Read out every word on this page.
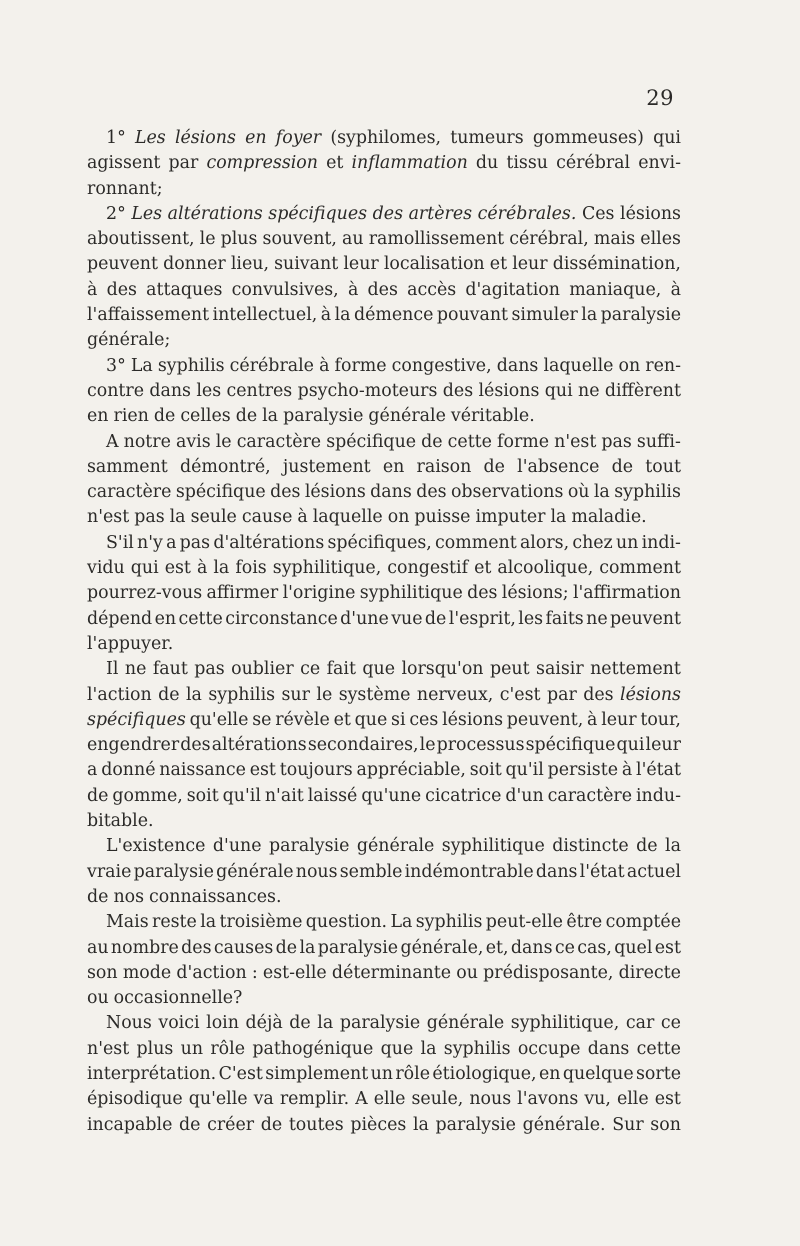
29
1° Les lésions en foyer (syphilomes, tumeurs gommeuses) qui
agissent par compression et inflammation du tissu cérébral envi-
ronnant;
2° Les altérations spécifiques des artères cérébrales. Ces lésions
aboutissent, le plus souvent, au ramollissement cérébral, mais elles
peuvent donner lieu, suivant leur localisation et leur dissémination,
à des attaques convulsives, à des accès d'agitation maniaque, à
l'affaissement intellectuel, à la démence pouvant simuler la paralysie
générale;
3° La syphilis cérébrale à forme congestive, dans laquelle on ren-
contre dans les centres psycho-moteurs des lésions qui ne diffèrent
en rien de celles de la paralysie générale véritable.
A notre avis le caractère spécifique de cette forme n'est pas suffi-
samment démontré, justement en raison de l'absence de tout
caractère spécifique des lésions dans des observations où la syphilis
n'est pas la seule cause à laquelle on puisse imputer la maladie.
S'il n'y a pas d'altérations spécifiques, comment alors, chez un indi-
vidu qui est à la fois syphilitique, congestif et alcoolique, comment
pourrez-vous affirmer l'origine syphilitique des lésions; l'affirmation
dépend en cette circonstance d'une vue de l'esprit, les faits ne peuvent
l'appuyer.
Il ne faut pas oublier ce fait que lorsqu'on peut saisir nettement
l'action de la syphilis sur le système nerveux, c'est par des lésions
spécifiques qu'elle se révèle et que si ces lésions peuvent, à leur tour,
engendrer des altérations secondaires, le processus spécifique qui leur
a donné naissance est toujours appréciable, soit qu'il persiste à l'état
de gomme, soit qu'il n'ait laissé qu'une cicatrice d'un caractère indu-
bitable.
L'existence d'une paralysie générale syphilitique distincte de la
vraie paralysie générale nous semble indémontrable dans l'état actuel
de nos connaissances.
Mais reste la troisième question. La syphilis peut-elle être comptée
au nombre des causes de la paralysie générale, et, dans ce cas, quel est
son mode d'action : est-elle déterminante ou prédisposante, directe
ou occasionnelle?
Nous voici loin déjà de la paralysie générale syphilitique, car ce
n'est plus un rôle pathogénique que la syphilis occupe dans cette
interprétation. C'est simplement un rôle étiologique, en quelque sorte
épisodique qu'elle va remplir. A elle seule, nous l'avons vu, elle est
incapable de créer de toutes pièces la paralysie générale. Sur son
